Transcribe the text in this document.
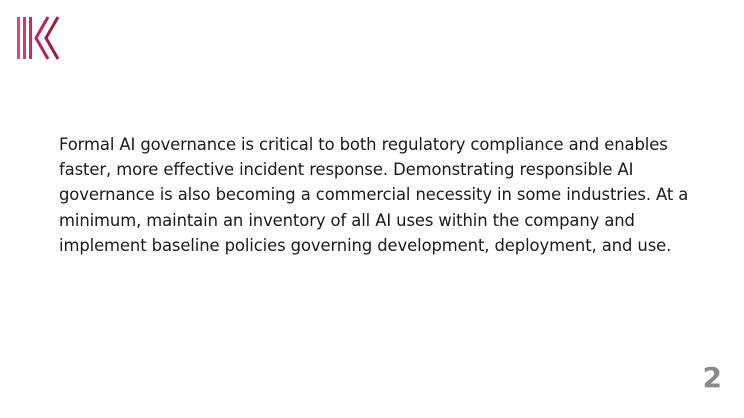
Formal AI governance is critical to both regulatory compliance and enables faster, more effective incident response. Demonstrating responsible AI governance is also becoming a commercial necessity in some industries. At a minimum, maintain an inventory of all AI uses within the company and implement baseline policies governing development, deployment, and use.

2
